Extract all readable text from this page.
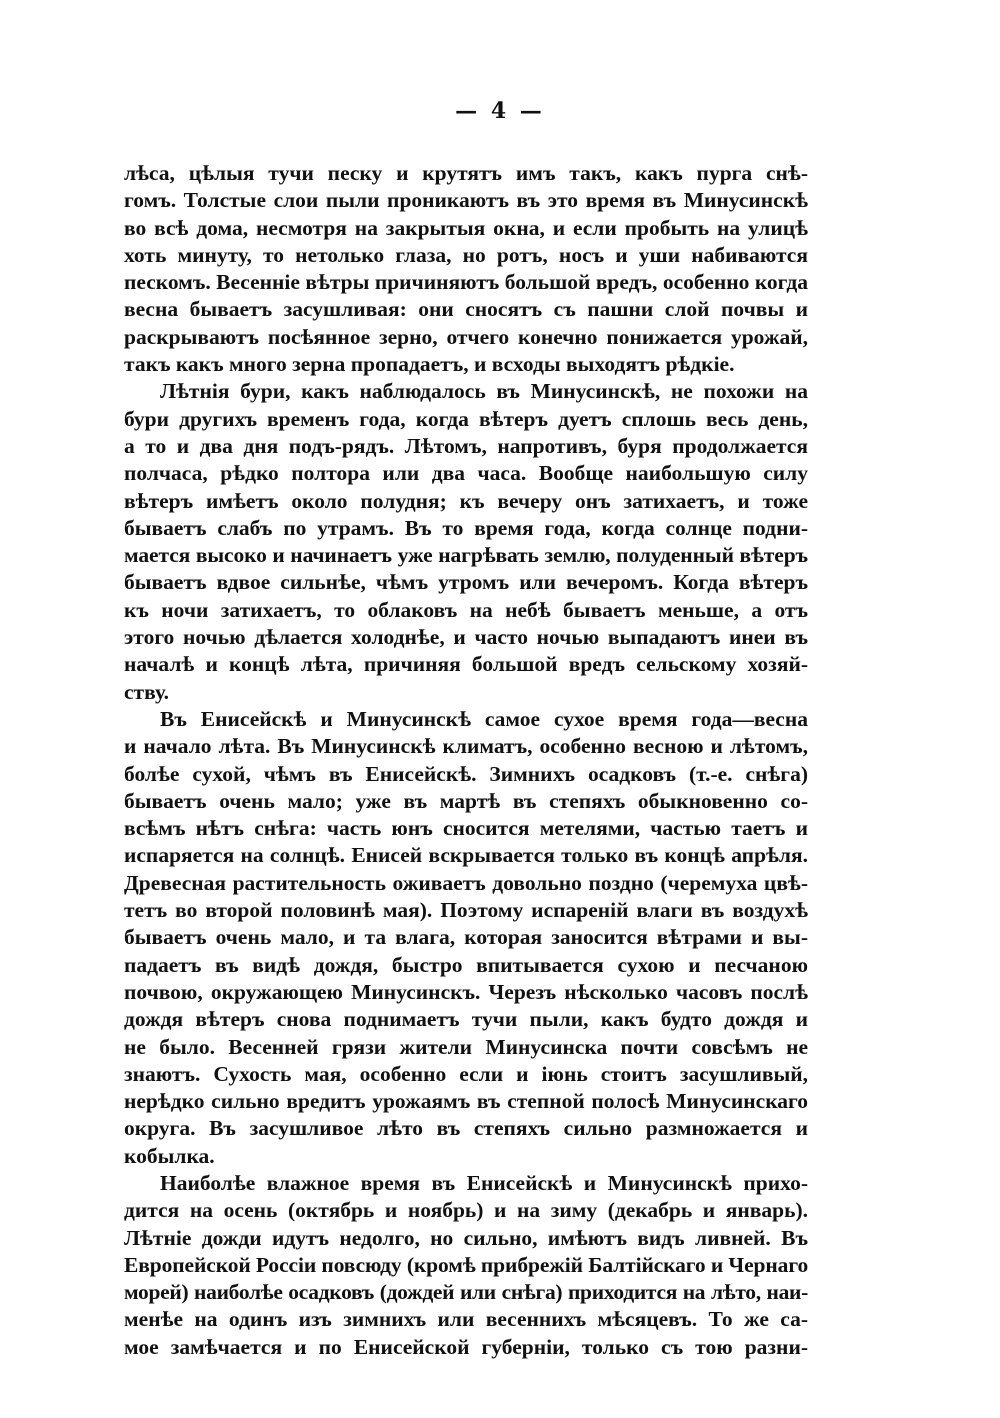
— 4 —
лѣса, цѣлыя тучи песку и крутятъ имъ такъ, какъ пурга снѣ-
гомъ. Толстые слои пыли проникаютъ въ это время въ Минусинскѣ
во всѣ дома, несмотря на закрытыя окна, и если пробыть на улицѣ
хоть минуту, то нетолько глаза, но ротъ, носъ и уши набиваются
пескомъ. Весеннiе вѣтры причиняютъ большой вредъ, особенно когда
весна бываетъ засушливая: они сносятъ съ пашни слой почвы и
раскрываютъ посѣянное зерно, отчего конечно понижается урожай,
такъ какъ много зерна пропадаетъ, и всходы выходятъ рѣдкiе.
Лѣтнiя бури, какъ наблюдалось въ Минусинскѣ, не похожи на
бури другихъ временъ года, когда вѣтеръ дуетъ сплошь весь день,
а то и два дня подъ-рядъ. Лѣтомъ, напротивъ, буря продолжается
полчаса, рѣдко полтора или два часа. Вообще наибольшую силу
вѣтеръ имѣетъ около полудня; къ вечеру онъ затихаетъ, и тоже
бываетъ слабъ по утрамъ. Въ то время года, когда солнце подни-
мается высоко и начинаетъ уже нагрѣвать землю, полуденный вѣтеръ
бываетъ вдвое сильнѣе, чѣмъ утромъ или вечеромъ. Когда вѣтеръ
къ ночи затихаетъ, то облаковъ на небѣ бываетъ меньше, а отъ
этого ночью дѣлается холоднѣе, и часто ночью выпадаютъ инеи въ
началѣ и концѣ лѣта, причиняя большой вредъ сельскому хозяй-
ству.
Въ Енисейскѣ и Минусинскѣ самое сухое время года—весна
и начало лѣта. Въ Минусинскѣ климатъ, особенно весною и лѣтомъ,
болѣе сухой, чѣмъ въ Енисейскѣ. Зимнихъ осадковъ (т.-е. снѣга)
бываетъ очень мало; уже въ мартѣ въ степяхъ обыкновенно со-
всѣмъ нѣтъ снѣга: часть юнъ сносится метелями, частью таетъ и
испаряется на солнцѣ. Енисей вскрывается только въ концѣ апрѣля.
Древесная растительность оживаетъ довольно поздно (черемуха цвѣ-
тетъ во второй половинѣ мая). Поэтому испаренiй влаги въ воздухѣ
бываетъ очень мало, и та влага, которая заносится вѣтрами и вы-
падаетъ въ видѣ дождя, быстро впитывается сухою и песчаною
почвою, окружающею Минусинскъ. Черезъ нѣсколько часовъ послѣ
дождя вѣтеръ снова поднимаетъ тучи пыли, какъ будто дождя и
не было. Весенней грязи жители Минусинска почти совсѣмъ не
знаютъ. Сухость мая, особенно если и iюнь стоитъ засушливый,
нерѣдко сильно вредитъ урожаямъ въ степной полосѣ Минусинскаго
округа. Въ засушливое лѣто въ степяхъ сильно размножается и
кобылка.
Наиболѣе влажное время въ Енисейскѣ и Минусинскѣ прихо-
дится на осень (октябрь и ноябрь) и на зиму (декабрь и январь).
Лѣтнiе дожди идутъ недолго, но сильно, имѣютъ видъ ливней. Въ
Европейской Россiи повсюду (кромѣ прибрежiй Балтiйскаго и Чернаго
морей) наиболѣе осадковъ (дождей или снѣга) приходится на лѣто, наи-
менѣе на одинъ изъ зимнихъ или весеннихъ мѣсяцевъ. То же са-
мое замѣчается и по Енисейской губернiи, только съ тою разни-
